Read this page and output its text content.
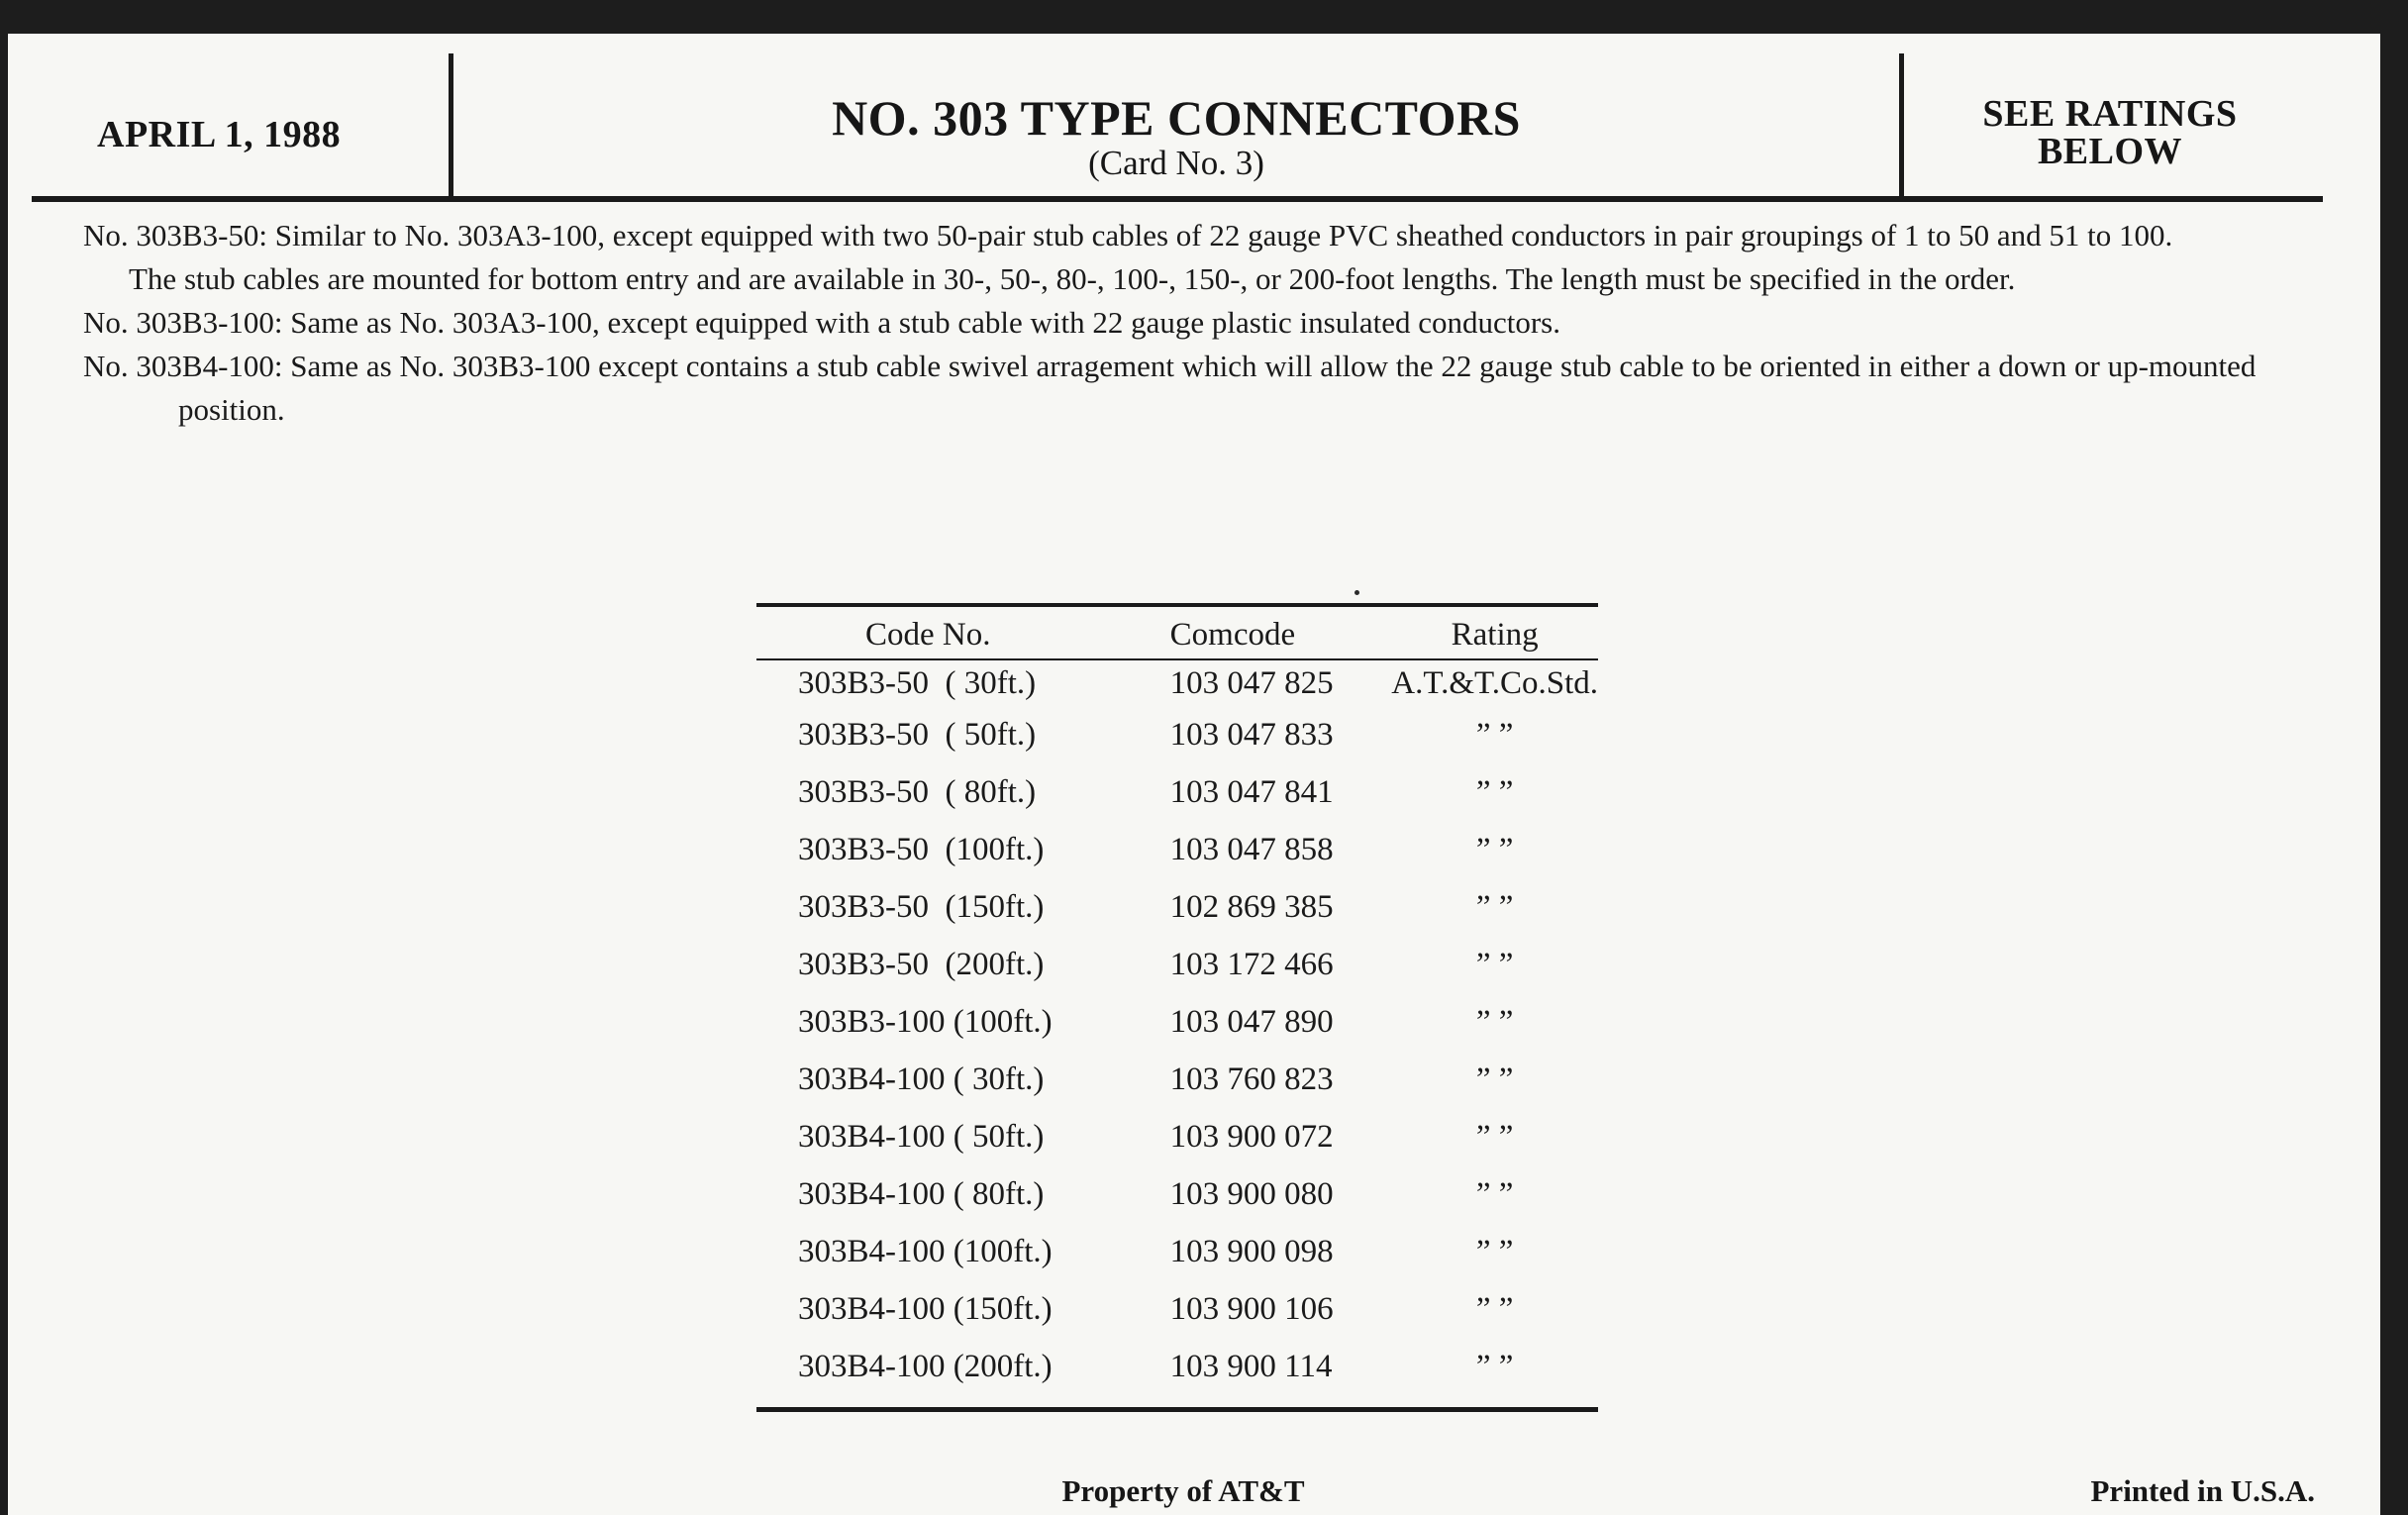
APRIL 1, 1988	NO. 303 TYPE CONNECTORS
(Card No. 3)
SEE RATINGS
BELOW

No. 303B3-50: Similar to No. 303A3-100, except equipped with two 50-pair stub cables of 22 gauge PVC sheathed conductors in pair groupings of 1 to 50 and 51 to 100.

The stub cables are mounted for bottom entry and are available in 30-, 50-, 80-, 100-, 150-, or 200-foot lengths. The length must be specified in the order.

No. 303B3-100: Same as No. 303A3-100, except equipped with a stub cable with 22 gauge plastic insulated conductors.

No. 303B4-100: Same as No. 303B3-100 except contains a stub cable swivel arragement which will allow the 22 gauge stub cable to be oriented in either a down or up-mounted position.

Code No.	Comcode	Rating
303B3-50  ( 30ft.)	103 047 825	A.T.&T.Co.Std.
303B3-50  ( 50ft.)	103 047 833	” ”
303B3-50  ( 80ft.)	103 047 841	” ”
303B3-50  (100ft.)	103 047 858	” ”
303B3-50  (150ft.)	102 869 385	” ”
303B3-50  (200ft.)	103 172 466	” ”
303B3-100 (100ft.)	103 047 890	” ”
303B4-100 ( 30ft.)	103 760 823	” ”
303B4-100 ( 50ft.)	103 900 072	” ”
303B4-100 ( 80ft.)	103 900 080	” ”
303B4-100 (100ft.)	103 900 098	” ”
303B4-100 (150ft.)	103 900 106	” ”
303B4-100 (200ft.)	103 900 114	” ”
Property of AT&T	Printed in U.S.A.
